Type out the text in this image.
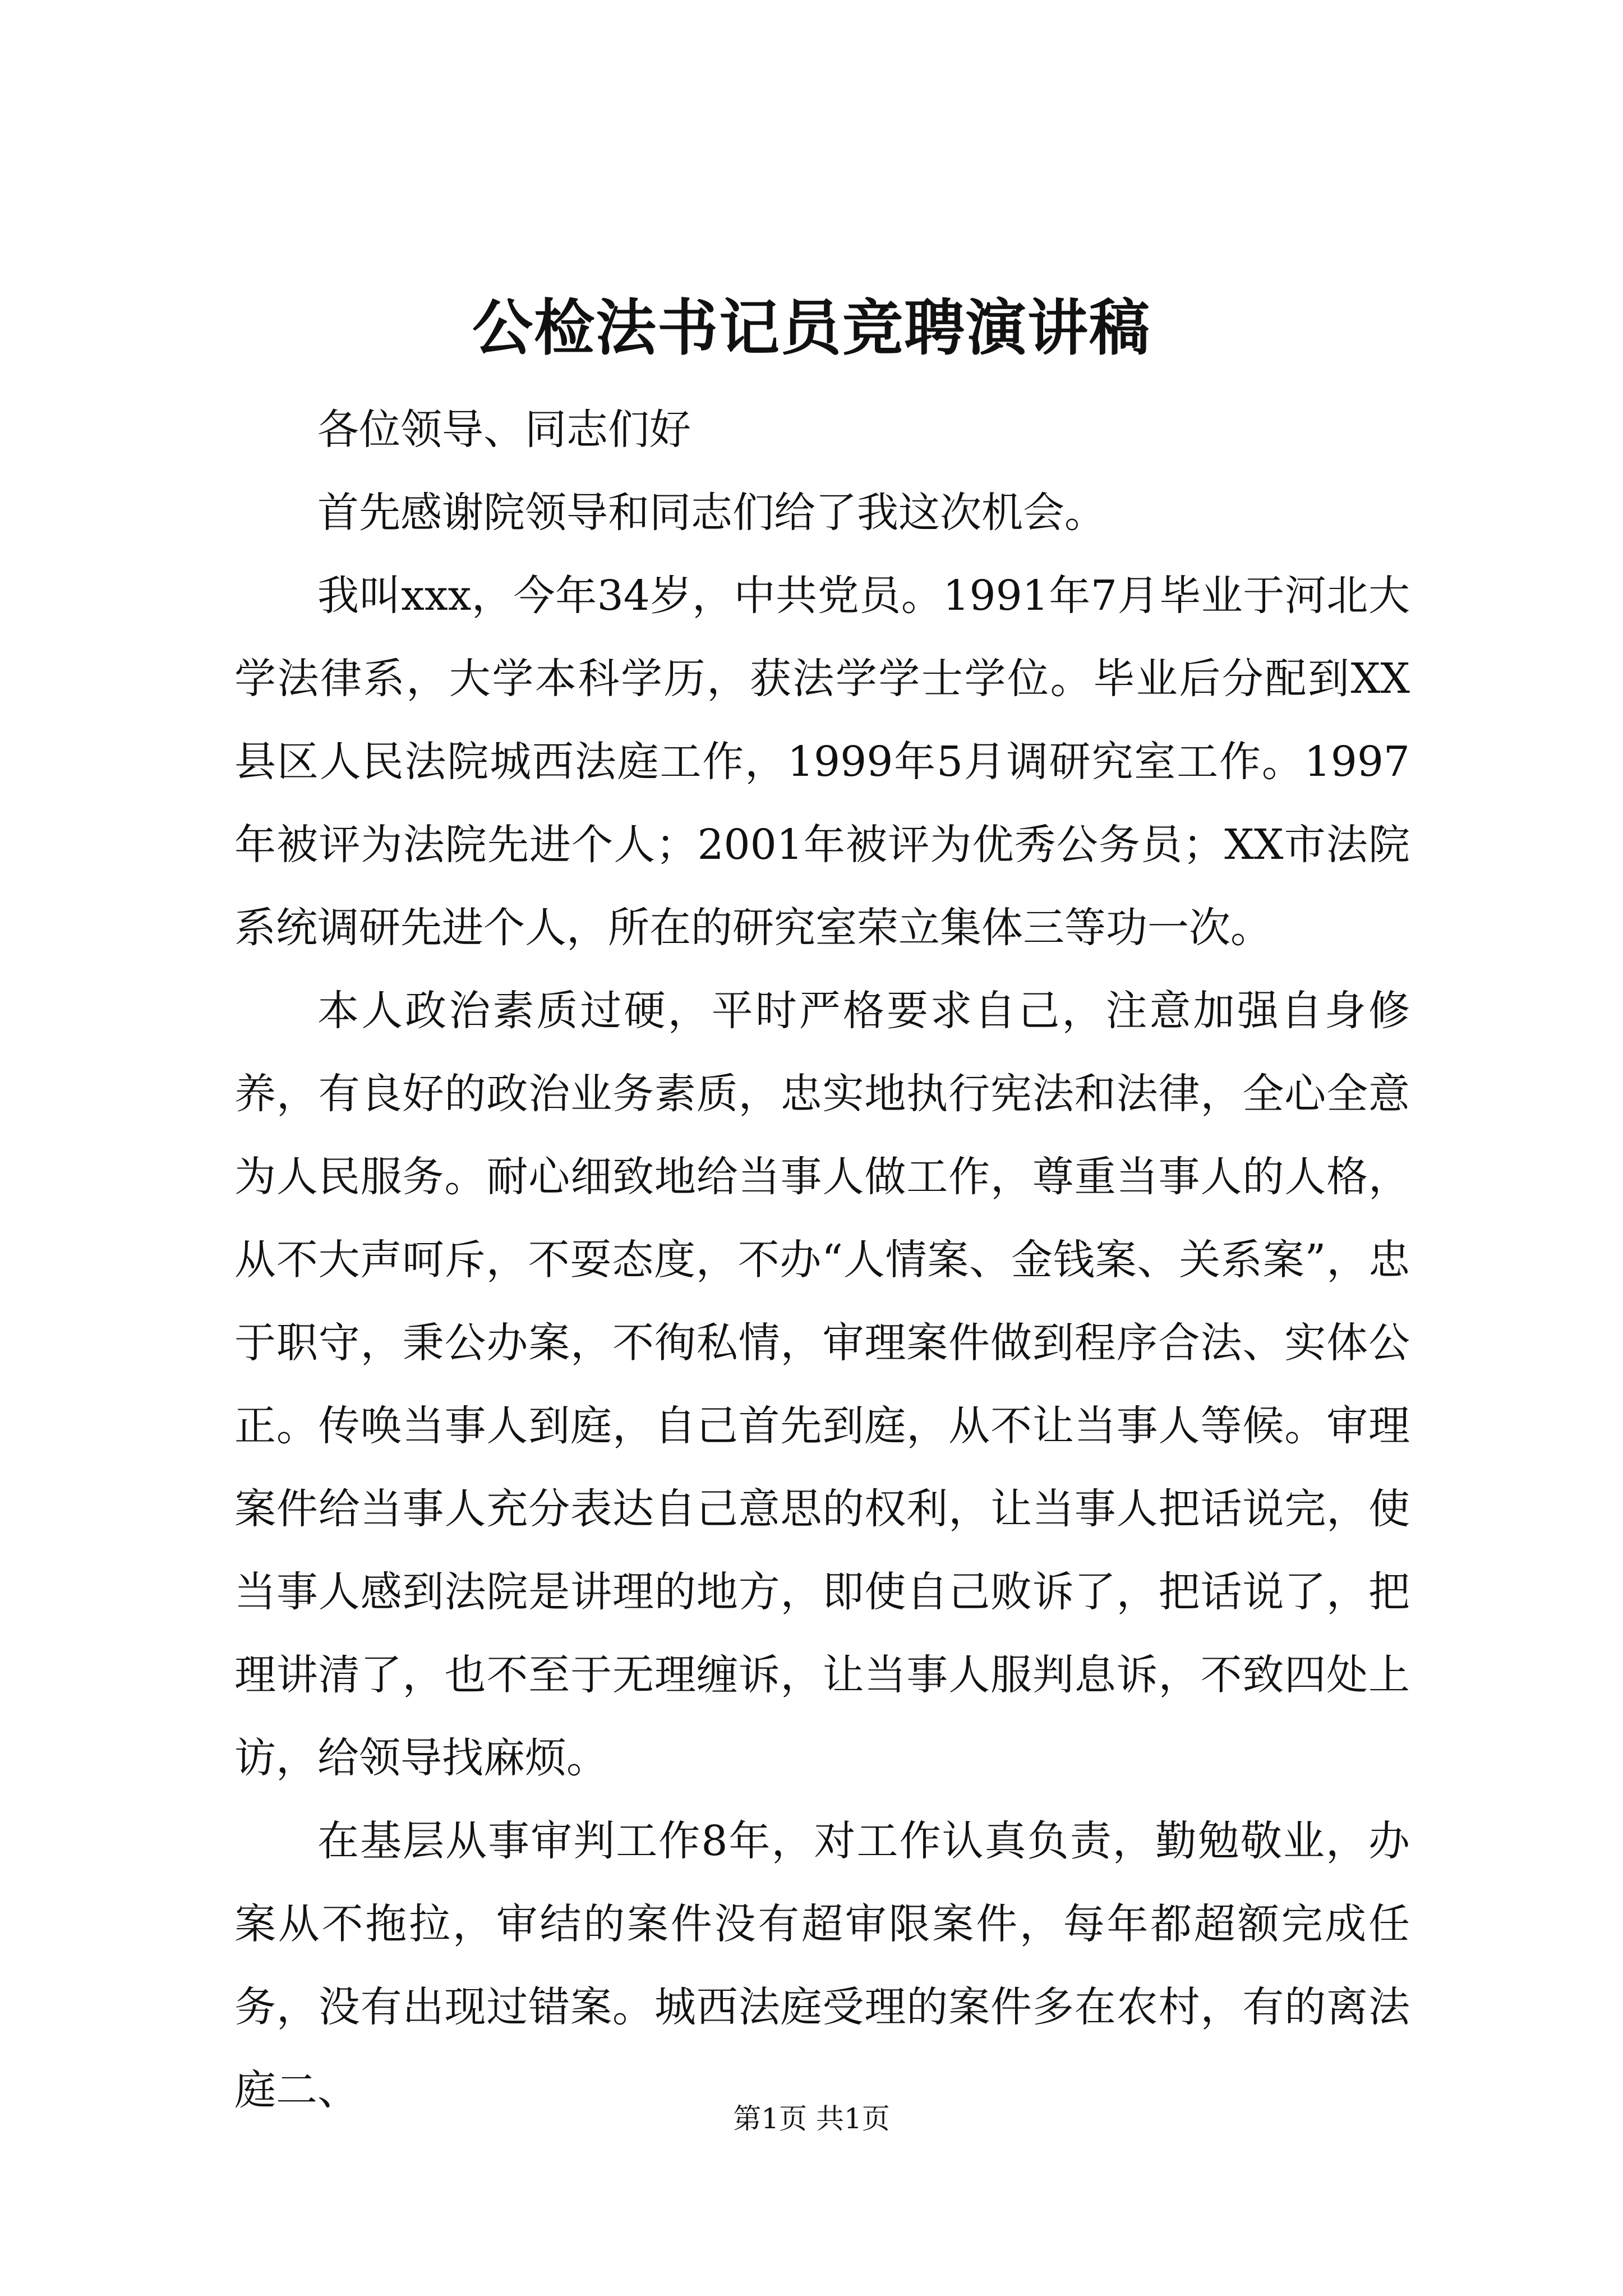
公检法书记员竞聘演讲稿

各位领导、同志们好

首先感谢院领导和同志们给了我这次机会。

我叫xxx，今年34岁，中共党员。1991年7月毕业于河北大学法律系，大学本科学历，获法学学士学位。毕业后分配到XX县区人民法院城西法庭工作，1999年5月调研究室工作。1997年被评为法院先进个人；2001年被评为优秀公务员；XX市法院系统调研先进个人，所在的研究室荣立集体三等功一次。

本人政治素质过硬，平时严格要求自己，注意加强自身修养，有良好的政治业务素质，忠实地执行宪法和法律，全心全意为人民服务。耐心细致地给当事人做工作，尊重当事人的人格，从不大声呵斥，不耍态度，不办“人情案、金钱案、关系案”，忠于职守，秉公办案，不徇私情，审理案件做到程序合法、实体公正。传唤当事人到庭，自己首先到庭，从不让当事人等候。审理案件给当事人充分表达自己意思的权利，让当事人把话说完，使当事人感到法院是讲理的地方，即使自己败诉了，把话说了，把理讲清了，也不至于无理缠诉，让当事人服判息诉，不致四处上访，给领导找麻烦。

在基层从事审判工作8年，对工作认真负责，勤勉敬业，办案从不拖拉，审结的案件没有超审限案件，每年都超额完成任务，没有出现过错案。城西法庭受理的案件多在农村，有的离法庭二、

第1页 共1页
